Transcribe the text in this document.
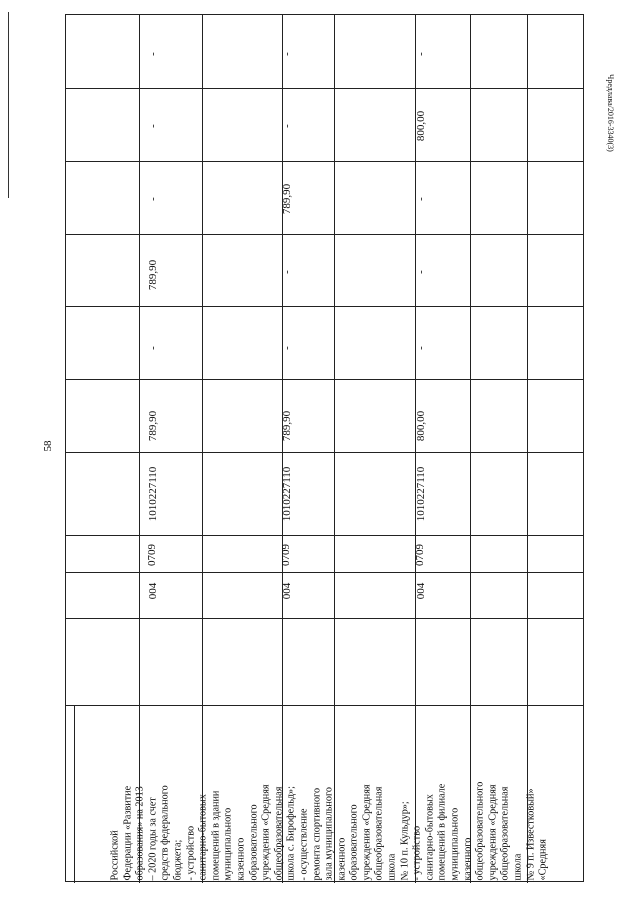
58
Чредлава/2016-3340(3)
004
0709
1010227110
789,90
-
789,90
-
-
-
004
0709
1010227110
789,90
-
-
789,90
-
-
004
0709
1010227110
800,00
-
-
-
800,00
-
Российской Федерации «Развитие образования» на 2013 – 2020 годы за счет средств федерального бюджета; - устройство санитарно-бытовых помещений в здании муниципального казенного образовательного учреждения «Средняя общеобразовательная школа с. Бирофельд»; - осуществление ремонта спортивного зала муниципального казенного образовательного учреждения «Средняя общеобразовательная школа № 10 п. Кульдур»; - устройство санитарно-бытовых помещений в филиале муниципального казенного общеобразовательного учреждения «Средняя общеобразовательная школа № 9 п. Известковый» «Средняя
